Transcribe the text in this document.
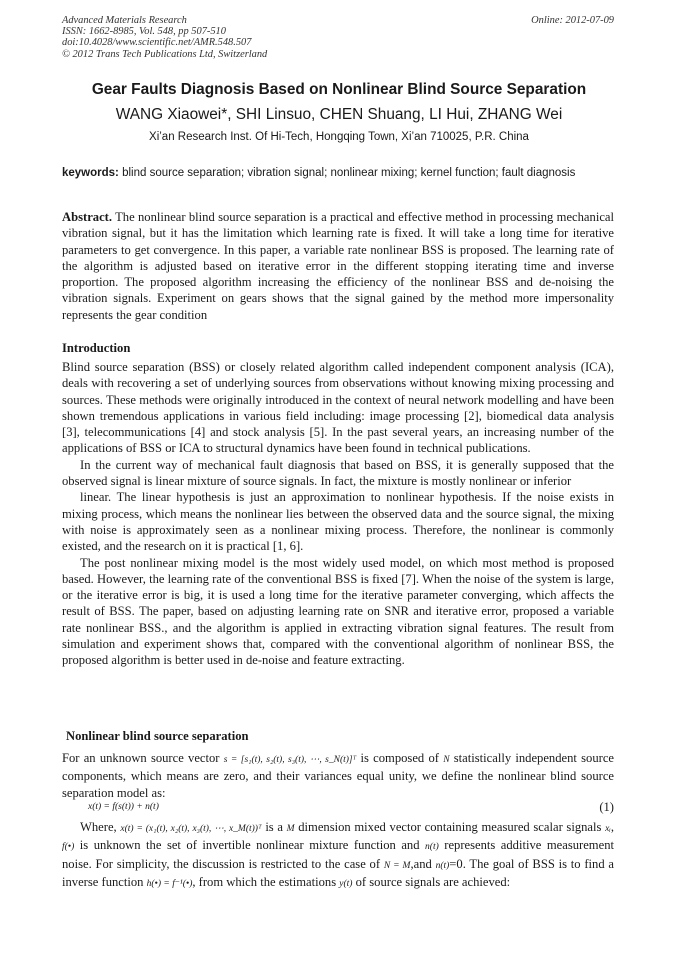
Advanced Materials Research
ISSN: 1662-8985, Vol. 548, pp 507-510
doi:10.4028/www.scientific.net/AMR.548.507
© 2012 Trans Tech Publications Ltd, Switzerland
Online: 2012-07-09
Gear Faults Diagnosis Based on Nonlinear Blind Source Separation
WANG Xiaowei*, SHI Linsuo, CHEN Shuang, LI Hui, ZHANG Wei
Xi’an Research Inst. Of Hi-Tech, Hongqing Town, Xi’an 710025, P.R. China
keywords: blind source separation; vibration signal; nonlinear mixing; kernel function; fault diagnosis
Abstract. The nonlinear blind source separation is a practical and effective method in processing mechanical vibration signal, but it has the limitation which learning rate is fixed. It will take a long time for iterative parameters to get convergence. In this paper, a variable rate nonlinear BSS is proposed. The learning rate of the algorithm is adjusted based on iterative error in the different stopping iterating time and inverse proportion. The proposed algorithm increasing the efficiency of the nonlinear BSS and de-noising the vibration signals. Experiment on gears shows that the signal gained by the method more impersonality represents the gear condition
Introduction

Blind source separation (BSS) or closely related algorithm called independent component analysis (ICA), deals with recovering a set of underlying sources from observations without knowing mixing processing and sources. These methods were originally introduced in the context of neural network modelling and have been shown tremendous applications in various field including: image processing [2], biomedical data analysis [3], telecommunications [4] and stock analysis [5]. In the past several years, an increasing number of the applications of BSS or ICA to structural dynamics have been found in technical publications.

In the current way of mechanical fault diagnosis that based on BSS, it is generally supposed that the observed signal is linear mixture of source signals. In fact, the mixture is mostly nonlinear or inferior

linear. The linear hypothesis is just an approximation to nonlinear hypothesis. If the noise exists in mixing process, which means the nonlinear lies between the observed data and the source signal, the mixing with noise is approximately seen as a nonlinear mixing process. Therefore, the nonlinear is commonly existed, and the research on it is practical [1, 6].

The post nonlinear mixing model is the most widely used model, on which most method is proposed based. However, the learning rate of the conventional BSS is fixed [7]. When the noise of the system is large, or the iterative error is big, it is used a long time for the iterative parameter converging, which affects the result of BSS. The paper, based on adjusting learning rate on SNR and iterative error, proposed a variable rate nonlinear BSS., and the algorithm is applied in extracting vibration signal features. The result from simulation and experiment shows that, compared with the conventional algorithm of nonlinear BSS, the proposed algorithm is better used in de-noise and feature extracting.

Nonlinear blind source separation
For an unknown source vector s = [s₁(t), s₂(t), s₃(t), ⋯, s_N(t)]ᵀ is composed of N statistically independent source components, which means are zero, and their variances equal unity, we define the nonlinear blind source separation model as:
x(t) = f(s(t)) + n(t)	(1)
Where, x(t) = (x₁(t), x₂(t), x₃(t), ⋯, x_M(t))ᵀ is a M dimension mixed vector containing measured scalar signals xᵢ, f(•) is unknown the set of invertible nonlinear mixture function and n(t) represents additive measurement noise. For simplicity, the discussion is restricted to the case of N = M,and n(t)=0. The goal of BSS is to find a inverse function h(•) = f⁻¹(•), from which the estimations y(t) of source signals are achieved:
